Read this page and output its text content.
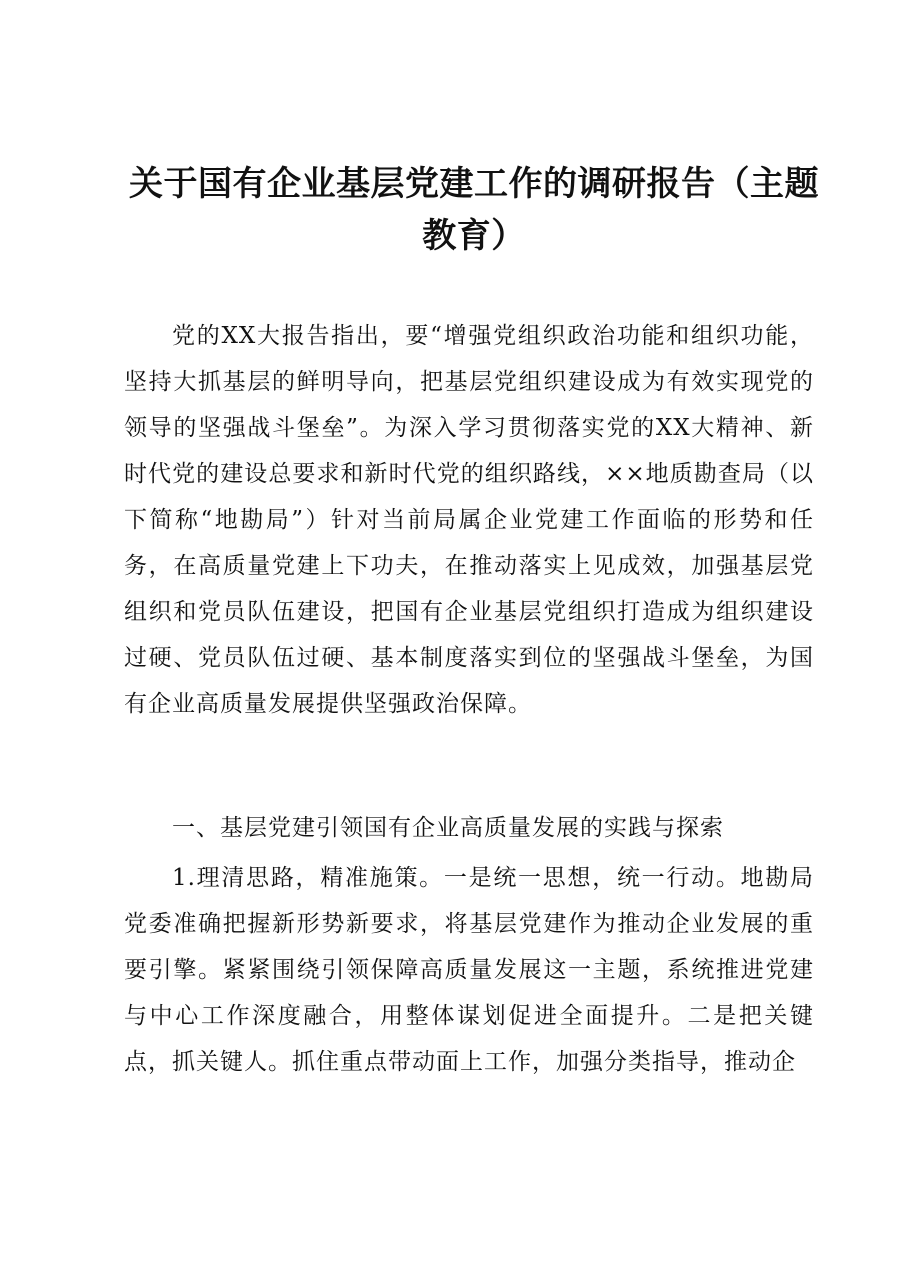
关于国有企业基层党建工作的调研报告（主题教育）

党的XX大报告指出，要“增强党组织政治功能和组织功能，坚持大抓基层的鲜明导向，把基层党组织建设成为有效实现党的领导的坚强战斗堡垒”。为深入学习贯彻落实党的XX大精神、新时代党的建设总要求和新时代党的组织路线，××地质勘查局（以下简称“地勘局”）针对当前局属企业党建工作面临的形势和任务，在高质量党建上下功夫，在推动落实上见成效，加强基层党组织和党员队伍建设，把国有企业基层党组织打造成为组织建设过硬、党员队伍过硬、基本制度落实到位的坚强战斗堡垒，为国有企业高质量发展提供坚强政治保障。

一、基层党建引领国有企业高质量发展的实践与探索

1.理清思路，精准施策。一是统一思想，统一行动。地勘局党委准确把握新形势新要求，将基层党建作为推动企业发展的重要引擎。紧紧围绕引领保障高质量发展这一主题，系统推进党建与中心工作深度融合，用整体谋划促进全面提升。二是把关键点，抓关键人。抓住重点带动面上工作，加强分类指导，推动企
